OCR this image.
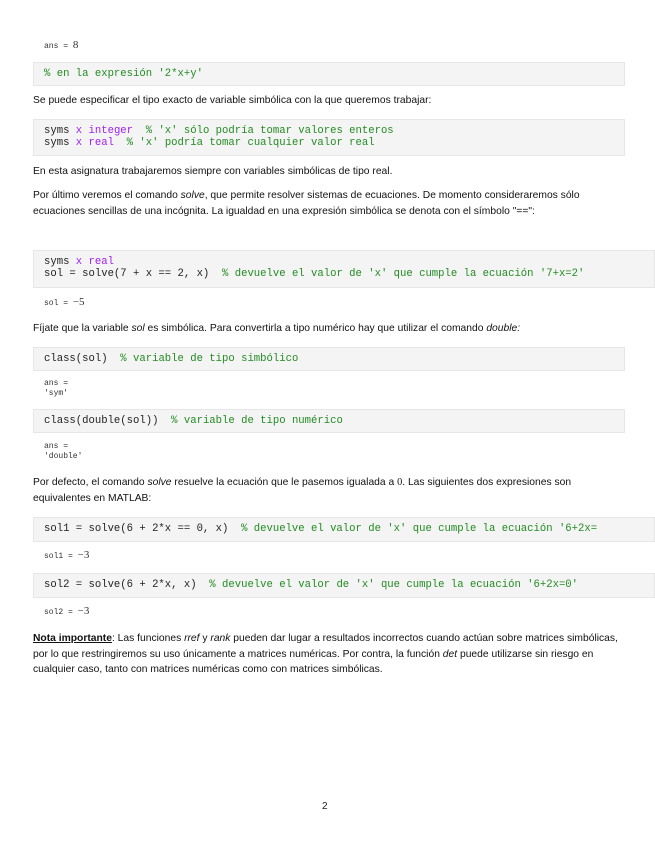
ans = 8
% en la expresión '2*x+y'
Se puede especificar el tipo exacto de variable simbólica con la que queremos trabajar:
syms x integer % 'x' sólo podría tomar valores enteros
syms x real % 'x' podría tomar cualquier valor real
En esta asignatura trabajaremos siempre con variables simbólicas de tipo real.
Por último veremos el comando solve, que permite resolver sistemas de ecuaciones. De momento consideraremos sólo ecuaciones sencillas de una incógnita. La igualdad en una expresión simbólica se denota con el símbolo "==":
syms x real
sol = solve(7 + x == 2, x)  % devuelve el valor de 'x' que cumple la ecuación '7+x=2'
sol = −5
Fíjate que la variable sol es simbólica. Para convertirla a tipo numérico hay que utilizar el comando double:
class(sol)  % variable de tipo simbólico
ans =
'sym'
class(double(sol))  % variable de tipo numérico
ans =
'double'
Por defecto, el comando solve resuelve la ecuación que le pasemos igualada a 0. Las siguientes dos expresiones son equivalentes en MATLAB:
sol1 = solve(6 + 2*x == 0, x)  % devuelve el valor de 'x' que cumple la ecuación '6+2x=
sol1 = −3
sol2 = solve(6 + 2*x, x)  % devuelve el valor de 'x' que cumple la ecuación '6+2x=0'
sol2 = −3
Nota importante: Las funciones rref y rank pueden dar lugar a resultados incorrectos cuando actúan sobre matrices simbólicas, por lo que restringiremos su uso únicamente a matrices numéricas. Por contra, la función det puede utilizarse sin riesgo en cualquier caso, tanto con matrices numéricas como con matrices simbólicas.
2
